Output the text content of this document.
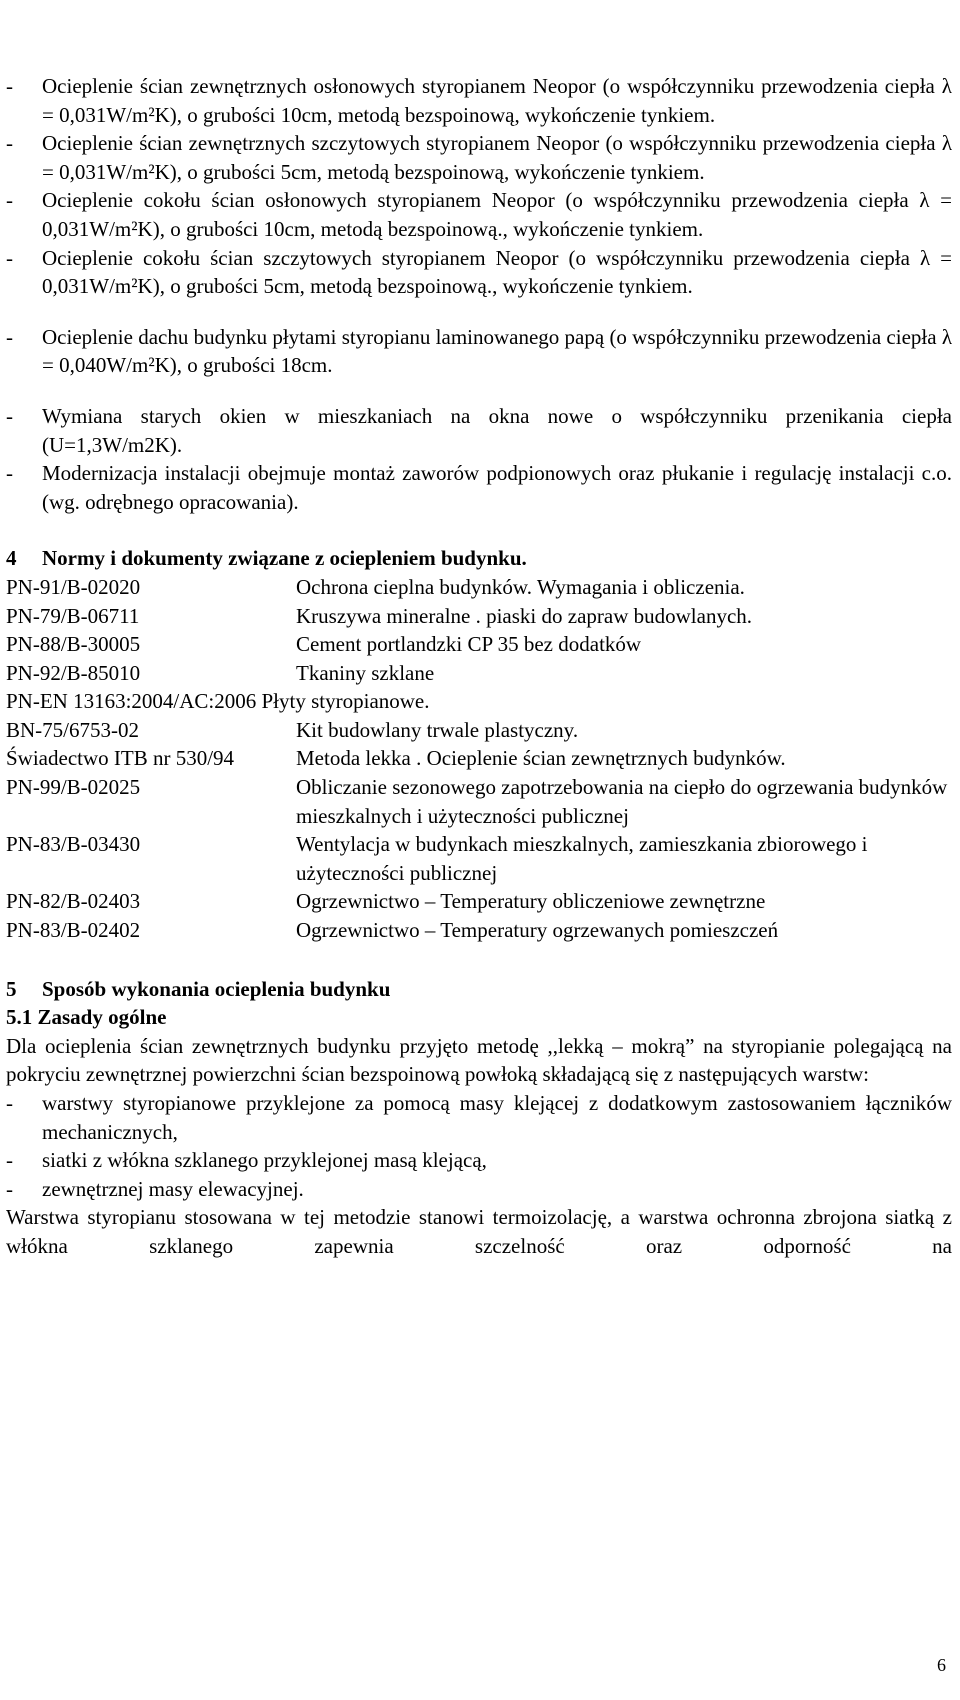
Termomodernizacja budynku mieszkalnego wielorodzinnego
przy ul. Peowiaków 48 w Zamościu
- Ocieplenie ścian zewnętrznych osłonowych styropianem Neopor (o współczynniku przewodzenia ciepła λ = 0,031W/m²K), o grubości 10cm, metodą bezspoinową, wykończenie tynkiem.
- Ocieplenie ścian zewnętrznych szczytowych styropianem Neopor (o współczynniku przewodzenia ciepła λ = 0,031W/m²K), o grubości 5cm, metodą bezspoinową, wykończenie tynkiem.
- Ocieplenie cokołu ścian osłonowych styropianem Neopor (o współczynniku przewodzenia ciepła λ = 0,031W/m²K), o grubości 10cm, metodą bezspoinową., wykończenie tynkiem.
- Ocieplenie cokołu ścian szczytowych styropianem Neopor (o współczynniku przewodzenia ciepła λ = 0,031W/m²K), o grubości 5cm, metodą bezspoinową., wykończenie tynkiem.
- Ocieplenie dachu budynku płytami styropianu laminowanego papą (o współczynniku przewodzenia ciepła λ = 0,040W/m²K), o grubości 18cm.
- Wymiana starych okien w mieszkaniach na okna nowe o współczynniku przenikania ciepła (U=1,3W/m2K).
- Modernizacja instalacji obejmuje montaż zaworów podpionowych oraz płukanie i regulację instalacji c.o. (wg. odrębnego opracowania).
4 Normy i dokumenty związane z ociepleniem budynku.
PN-91/B-02020	Ochrona cieplna budynków. Wymagania i obliczenia.
PN-79/B-06711	Kruszywa mineralne . piaski do zapraw budowlanych.
PN-88/B-30005	Cement portlandzki CP 35 bez dodatków
PN-92/B-85010	Tkaniny szklane
PN-EN 13163:2004/AC:2006 Płyty styropianowe.
BN-75/6753-02	Kit budowlany trwale plastyczny.
Świadectwo ITB nr 530/94	Metoda lekka . Ocieplenie ścian zewnętrznych budynków.
PN-99/B-02025	Obliczanie sezonowego zapotrzebowania na ciepło do ogrzewania budynków mieszkalnych i użyteczności publicznej
PN-83/B-03430	Wentylacja w budynkach mieszkalnych, zamieszkania zbiorowego i użyteczności publicznej
PN-82/B-02403	Ogrzewnictwo – Temperatury obliczeniowe zewnętrzne
PN-83/B-02402	Ogrzewnictwo – Temperatury ogrzewanych pomieszczeń
5 Sposób wykonania ocieplenia budynku
5.1 Zasady ogólne
Dla ocieplenia ścian zewnętrznych budynku przyjęto metodę ,,lekką – mokrą” na styropianie polegającą na pokryciu zewnętrznej powierzchni ścian bezspoinową powłoką składającą się z następujących warstw:
- warstwy styropianowe przyklejone za pomocą masy klejącej z dodatkowym zastosowaniem łączników mechanicznych,
- siatki z włókna szklanego przyklejonej masą klejącą,
- zewnętrznej masy elewacyjnej.
Warstwa styropianu stosowana w tej metodzie stanowi termoizolację, a warstwa ochronna zbrojona siatką z włókna szklanego zapewnia szczelność oraz odporność na
6
